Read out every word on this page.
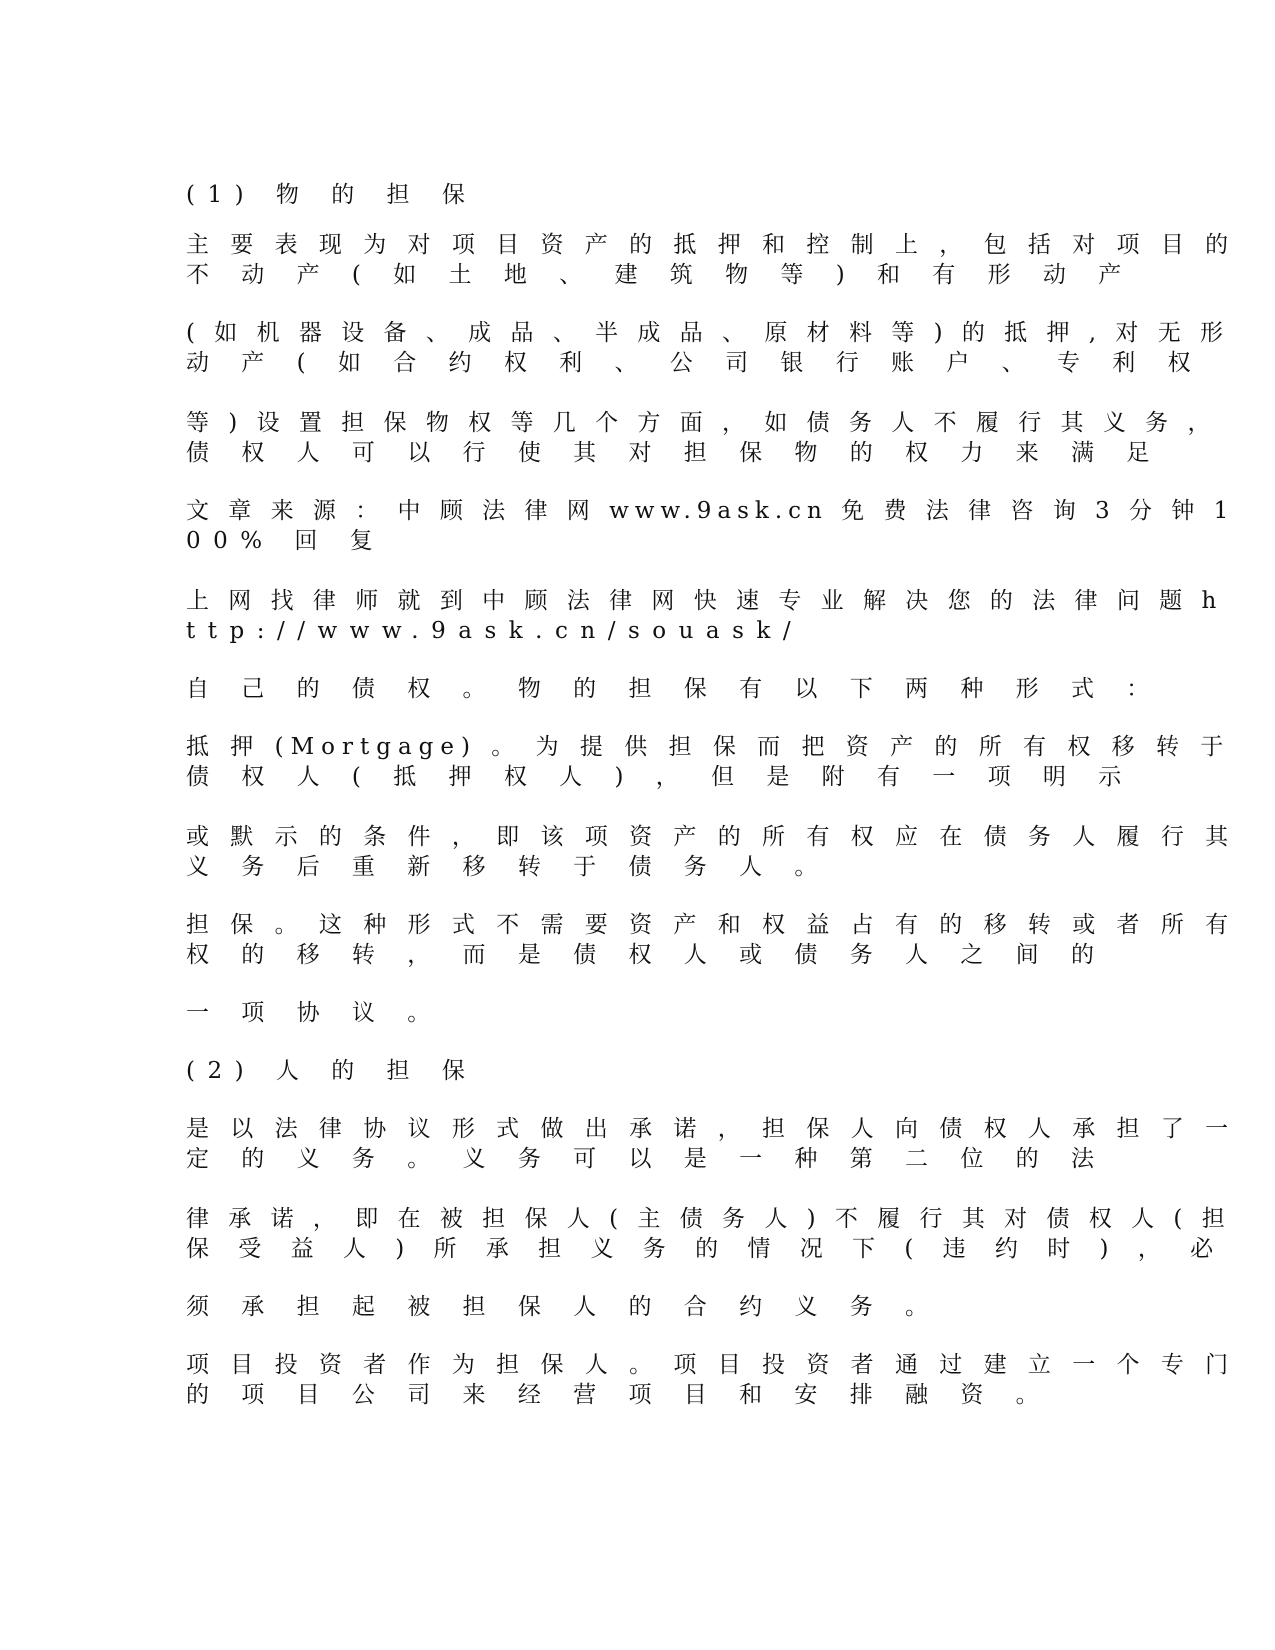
(1) 物 的 担 保

主 要 表 现 为 对 项 目 资 产 的 抵 押 和 控 制 上 ， 包 括 对 项 目 的

不 动 产 ( 如 土 地 、 建 筑 物 等 ) 和 有 形 动 产

( 如 机 器 设 备 、 成 品 、 半 成 品 、 原 材 料 等 ) 的 抵 押 , 对 无 形

动 产 ( 如 合 约 权 利 、 公 司 银 行 账 户 、 专 利 权

等 ) 设 置 担 保 物 权 等 几 个 方 面 ， 如 债 务 人 不 履 行 其 义 务 ，

债 权 人 可 以 行 使 其 对 担 保 物 的 权 力 来 满 足

文 章 来 源 ： 中 顾 法 律 网 www.9ask.cn 免 费 法 律 咨 询 3 分 钟 1

00% 回 复

上 网 找 律 师 就 到 中 顾 法 律 网 快 速 专 业 解 决 您 的 法 律 问 题 h

ttp://www.9ask.cn/souask/

自 己 的 债 权 。 物 的 担 保 有 以 下 两 种 形 式 ：

抵 押 (Mortgage) 。 为 提 供 担 保 而 把 资 产 的 所 有 权 移 转 于

债 权 人 ( 抵 押 权 人 ) ， 但 是 附 有 一 项 明 示

或 默 示 的 条 件 ， 即 该 项 资 产 的 所 有 权 应 在 债 务 人 履 行 其

义 务 后 重 新 移 转 于 债 务 人 。

担 保 。 这 种 形 式 不 需 要 资 产 和 权 益 占 有 的 移 转 或 者 所 有

权 的 移 转 ， 而 是 债 权 人 或 债 务 人 之 间 的

一 项 协 议 。

(2) 人 的 担 保

是 以 法 律 协 议 形 式 做 出 承 诺 ， 担 保 人 向 债 权 人 承 担 了 一

定 的 义 务 。 义 务 可 以 是 一 种 第 二 位 的 法

律 承 诺 ， 即 在 被 担 保 人 ( 主 债 务 人 ) 不 履 行 其 对 债 权 人 ( 担

保 受 益 人 ) 所 承 担 义 务 的 情 况 下 ( 违 约 时 ) ， 必

须 承 担 起 被 担 保 人 的 合 约 义 务 。

项 目 投 资 者 作 为 担 保 人 。 项 目 投 资 者 通 过 建 立 一 个 专 门

的 项 目 公 司 来 经 营 项 目 和 安 排 融 资 。
